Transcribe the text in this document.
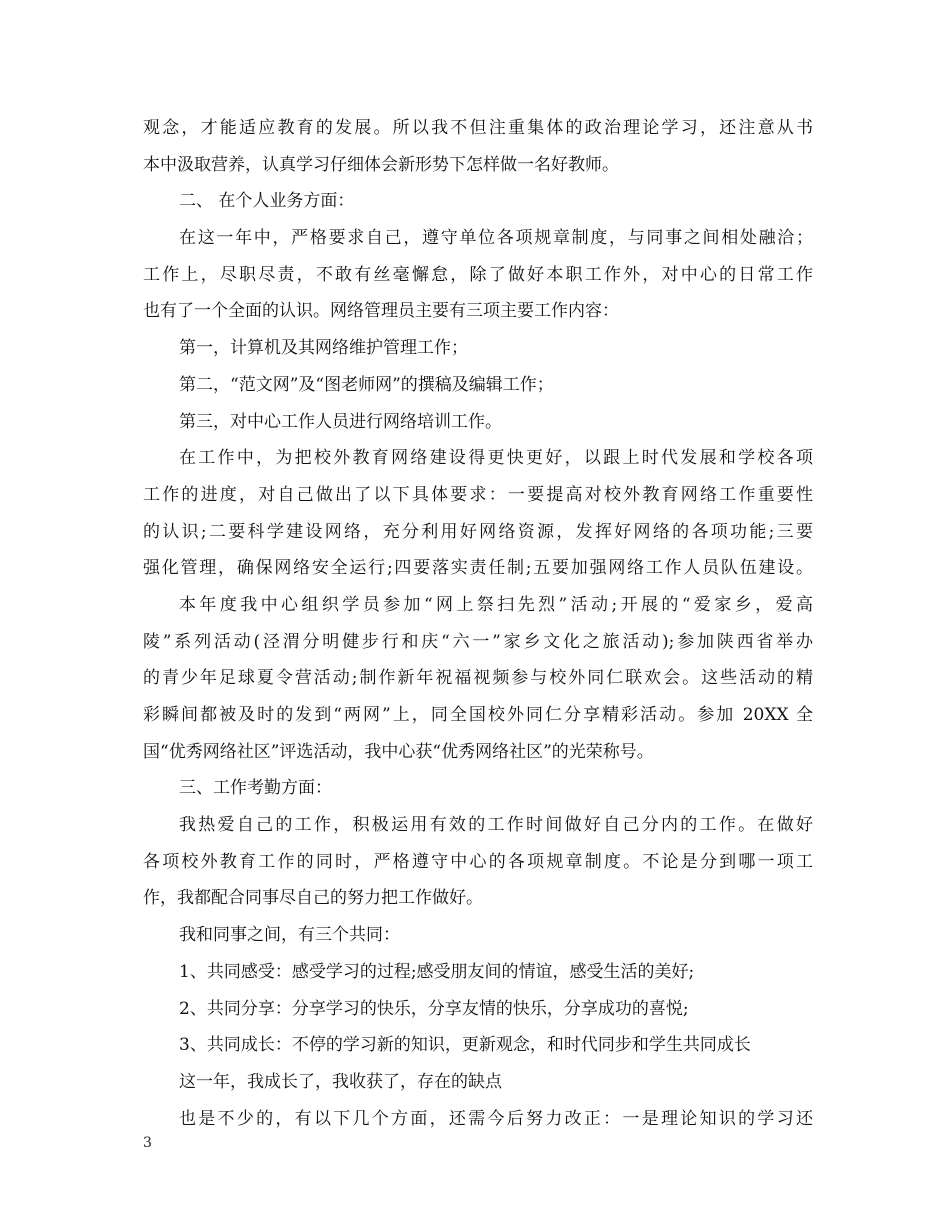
观念，才能适应教育的发展。所以我不但注重集体的政治理论学习，还注意从书
本中汲取营养，认真学习仔细体会新形势下怎样做一名好教师。
二、 在个人业务方面：
在这一年中，严格要求自己，遵守单位各项规章制度，与同事之间相处融洽；
工作上，尽职尽责，不敢有丝毫懈怠，除了做好本职工作外，对中心的日常工作
也有了一个全面的认识。网络管理员主要有三项主要工作内容：
第一，计算机及其网络维护管理工作；
第二，“范文网”及“图老师网”的撰稿及编辑工作；
第三，对中心工作人员进行网络培训工作。
在工作中，为把校外教育网络建设得更快更好，以跟上时代发展和学校各项
工作的进度，对自己做出了以下具体要求：一要提高对校外教育网络工作重要性
的认识;二要科学建设网络，充分利用好网络资源，发挥好网络的各项功能;三要
强化管理，确保网络安全运行;四要落实责任制;五要加强网络工作人员队伍建设。
本年度我中心组织学员参加“网上祭扫先烈”活动;开展的“爱家乡，爱高
陵”系列活动(泾渭分明健步行和庆“六一”家乡文化之旅活动);参加陕西省举办
的青少年足球夏令营活动;制作新年祝福视频参与校外同仁联欢会。这些活动的精
彩瞬间都被及时的发到“两网”上，同全国校外同仁分享精彩活动。参加 20XX 全
国“优秀网络社区”评选活动，我中心获“优秀网络社区”的光荣称号。
三、工作考勤方面：
我热爱自己的工作，积极运用有效的工作时间做好自己分内的工作。在做好
各项校外教育工作的同时，严格遵守中心的各项规章制度。不论是分到哪一项工
作，我都配合同事尽自己的努力把工作做好。
我和同事之间，有三个共同：
1、共同感受：感受学习的过程;感受朋友间的情谊，感受生活的美好;
2、共同分享：分享学习的快乐，分享友情的快乐，分享成功的喜悦;
3、共同成长：不停的学习新的知识，更新观念，和时代同步和学生共同成长
这一年，我成长了，我收获了，存在的缺点
也是不少的，有以下几个方面，还需今后努力改正：一是理论知识的学习还
3
